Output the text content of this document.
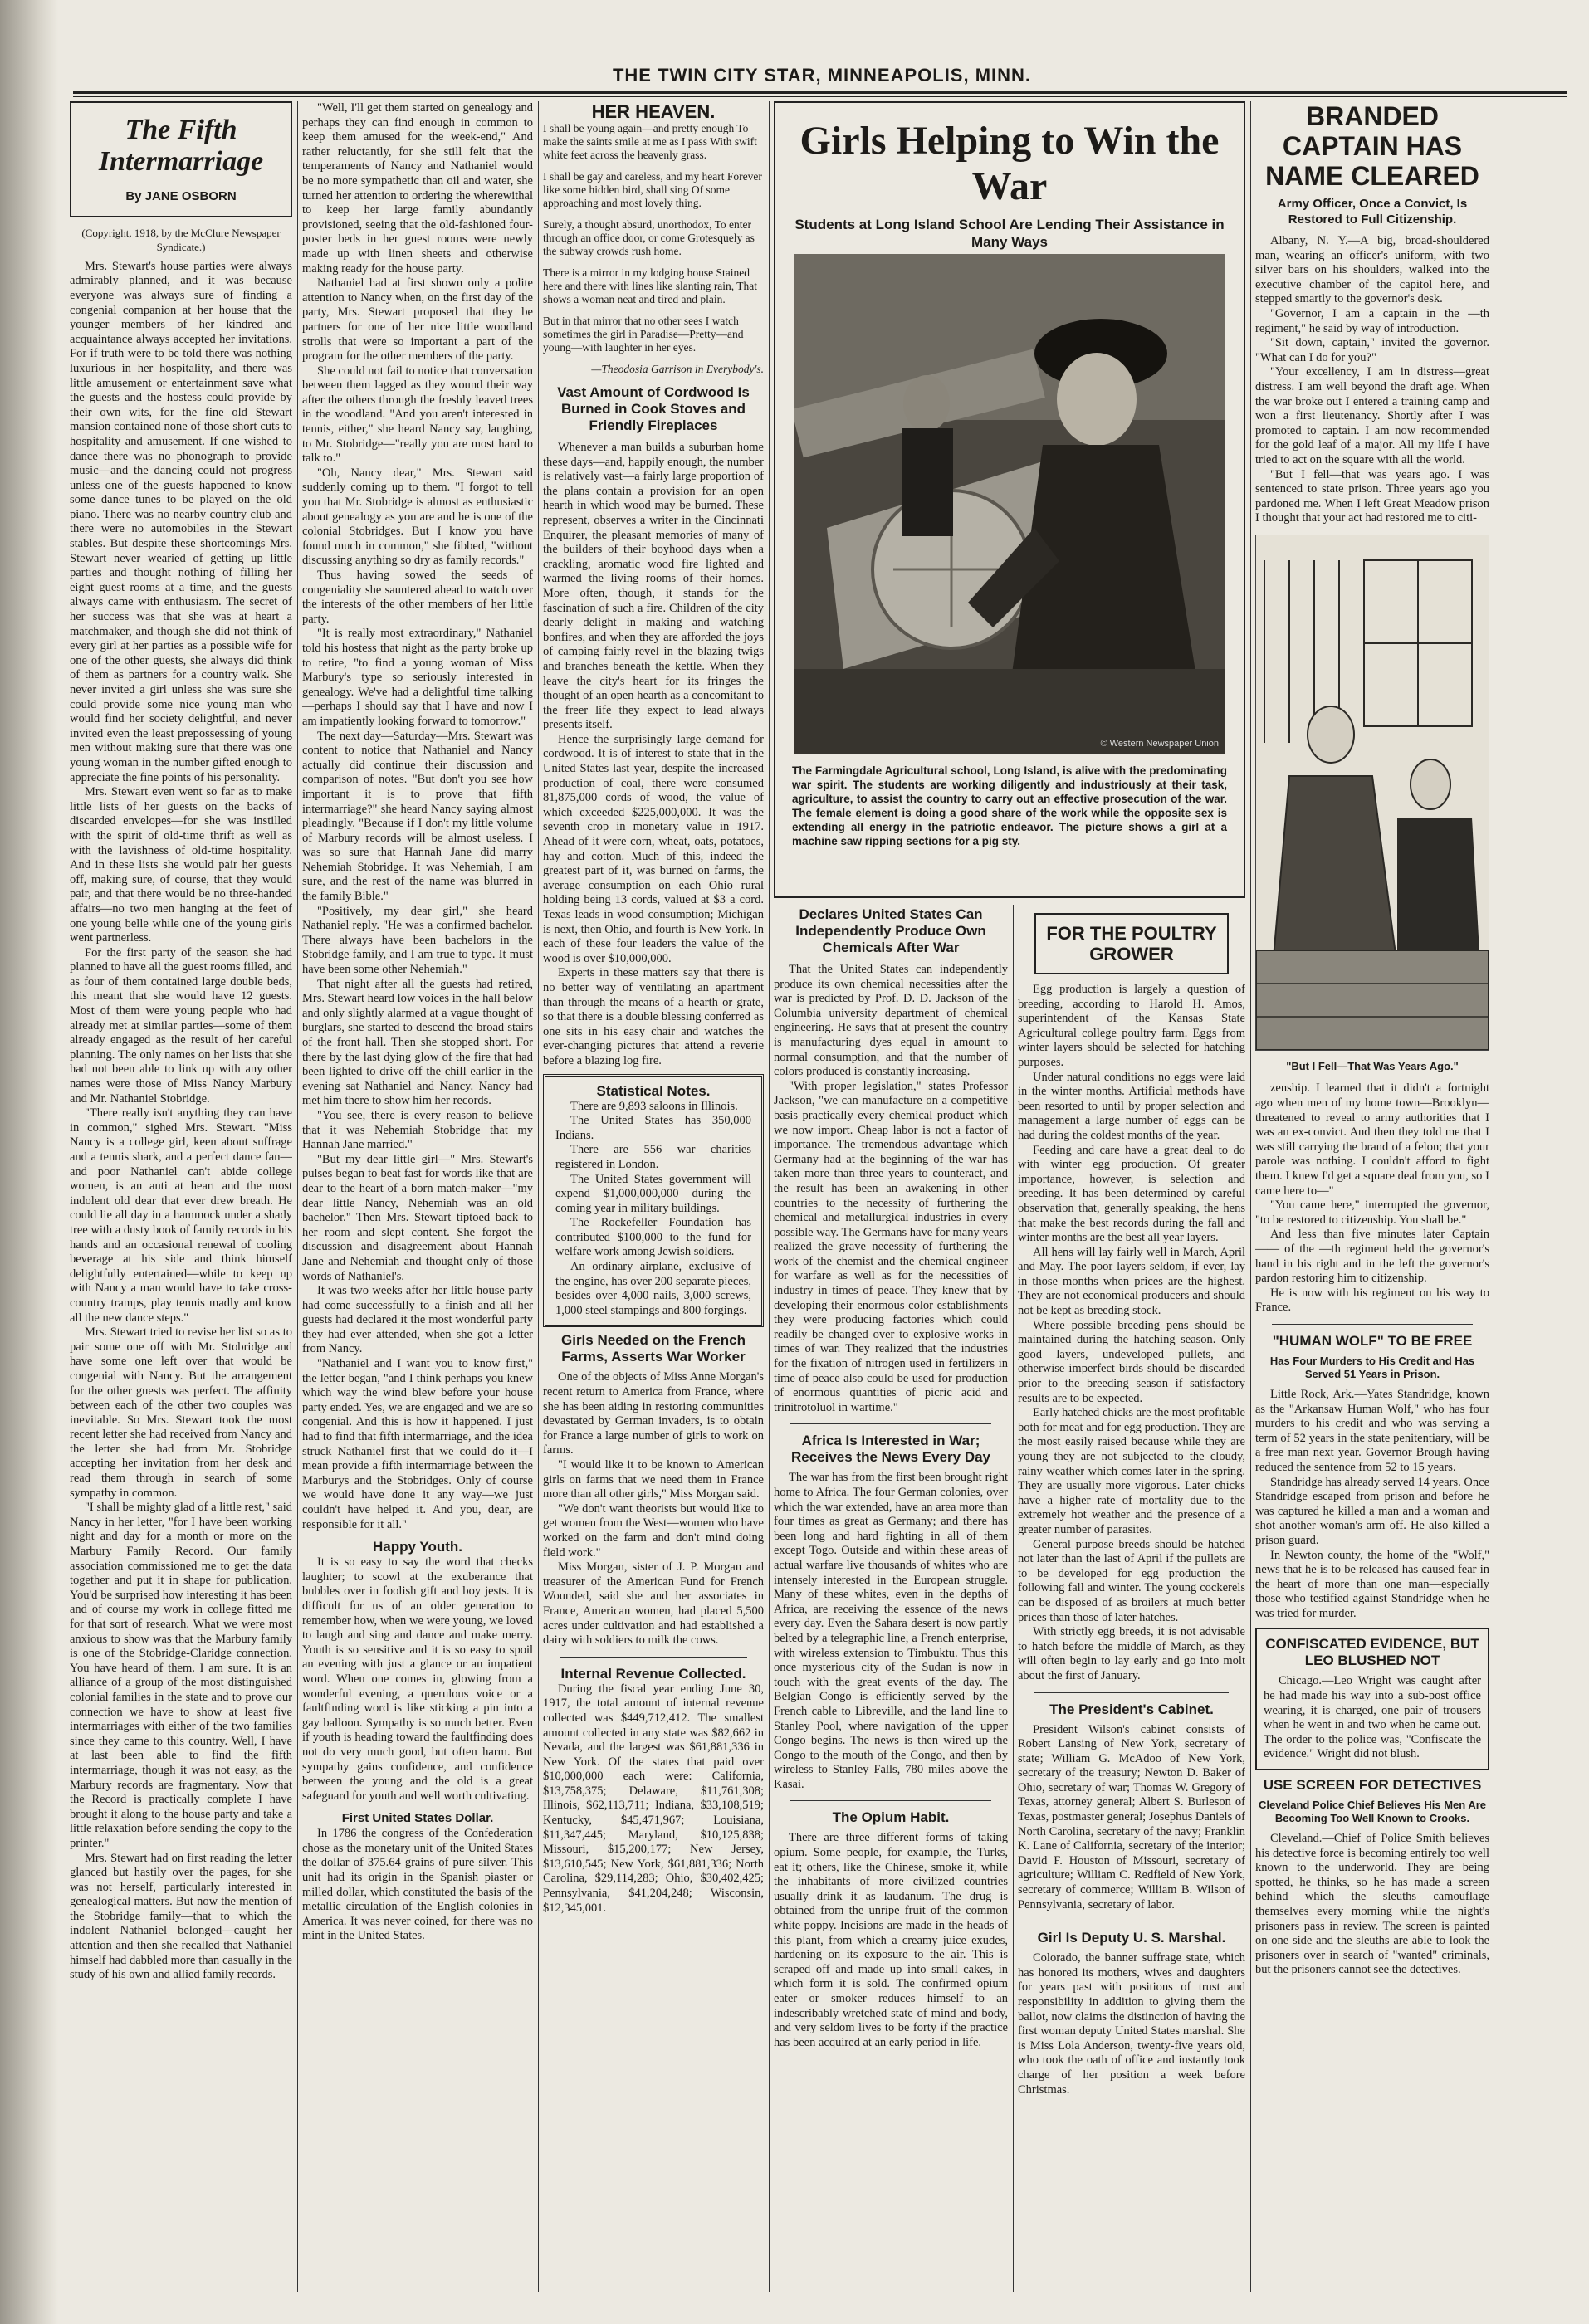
THE TWIN CITY STAR, MINNEAPOLIS, MINN.
The Fifth
Intermarriage
By JANE OSBORN
(Copyright, 1918, by the McClure Newspaper Syndicate.)

Mrs. Stewart's house parties were always admirably planned, and it was because everyone was always sure of finding a congenial companion at her house that the younger members of her kindred and acquaintance always accepted her invitations. For if truth were to be told there was nothing luxurious in her hospitality, and there was little amusement or entertainment save what the guests and the hostess could provide by their own wits, for the fine old Stewart mansion contained none of those short cuts to hospitality and amusement. If one wished to dance there was no phonograph to provide music—and the dancing could not progress unless one of the guests happened to know some dance tunes to be played on the old piano. There was no nearby country club and there were no automobiles in the Stewart stables. But despite these shortcomings Mrs. Stewart never wearied of getting up little parties and thought nothing of filling her eight guest rooms at a time, and the guests always came with enthusiasm. The secret of her success was that she was at heart a matchmaker, and though she did not think of every girl at her parties as a possible wife for one of the other guests, she always did think of them as partners for a country walk. She never invited a girl unless she was sure she could provide some nice young man who would find her society delightful, and never invited even the least prepossessing of young men without making sure that there was one young woman in the number gifted enough to appreciate the fine points of his personality.

Mrs. Stewart even went so far as to make little lists of her guests on the backs of discarded envelopes—for she was instilled with the spirit of old-time thrift as well as with the lavishness of old-time hospitality. And in these lists she would pair her guests off, making sure, of course, that they would pair, and that there would be no three-handed affairs—no two men hanging at the feet of one young belle while one of the young girls went partnerless.

For the first party of the season she had planned to have all the guest rooms filled, and as four of them contained large double beds, this meant that she would have 12 guests. Most of them were young people who had already met at similar parties—some of them already engaged as the result of her careful planning. The only names on her lists that she had not been able to link up with any other names were those of Miss Nancy Marbury and Mr. Nathaniel Stobridge.

"There really isn't anything they can have in common," sighed Mrs. Stewart. "Miss Nancy is a college girl, keen about suffrage and a tennis shark, and a perfect dance fan—and poor Nathaniel can't abide college women, is an anti at heart and the most indolent old dear that ever drew breath. He could lie all day in a hammock under a shady tree with a dusty book of family records in his hands and an occasional renewal of cooling beverage at his side and think himself delightfully entertained—while to keep up with Nancy a man would have to take cross-country tramps, play tennis madly and know all the new dance steps."

Mrs. Stewart tried to revise her list so as to pair some one off with Mr. Stobridge and have some one left over that would be congenial with Nancy. But the arrangement for the other guests was perfect. The affinity between each of the other two couples was inevitable. So Mrs. Stewart took the most recent letter she had received from Nancy and the letter she had from Mr. Stobridge accepting her invitation from her desk and read them through in search of some sympathy in common.

"I shall be mighty glad of a little rest," said Nancy in her letter, "for I have been working night and day for a month or more on the Marbury Family Record. Our family association commissioned me to get the data together and put it in shape for publication. You'd be surprised how interesting it has been and of course my work in college fitted me for that sort of research. What we were most anxious to show was that the Marbury family is one of the Stobridge-Claridge connection. You have heard of them. I am sure. It is an alliance of a group of the most distinguished colonial families in the state and to prove our connection we have to show at least five intermarriages with either of the two families since they came to this country. Well, I have at last been able to find the fifth intermarriage, though it was not easy, as the Marbury records are fragmentary. Now that the Record is practically complete I have brought it along to the house party and take a little relaxation before sending the copy to the printer."

Mrs. Stewart had on first reading the letter glanced but hastily over the pages, for she was not herself, particularly interested in genealogical matters. But now the mention of the Stobridge family—that to which the indolent Nathaniel belonged—caught her attention and then she recalled that Nathaniel himself had dabbled more than casually in the study of his own and allied family records.

"Well, I'll get them started on genealogy and perhaps they can find enough in common to keep them amused for the week-end," And rather reluctantly, for she still felt that the temperaments of Nancy and Nathaniel would be no more sympathetic than oil and water, she turned her attention to ordering the wherewithal to keep her large family abundantly provisioned, seeing that the old-fashioned four-poster beds in her guest rooms were newly made up with linen sheets and otherwise making ready for the house party.

Nathaniel had at first shown only a polite attention to Nancy when, on the first day of the party, Mrs. Stewart proposed that they be partners for one of her nice little woodland strolls that were so important a part of the program for the other members of the party.

She could not fail to notice that conversation between them lagged as they wound their way after the others through the freshly leaved trees in the woodland. "And you aren't interested in tennis, either," she heard Nancy say, laughing, to Mr. Stobridge—"really you are most hard to talk to."

"Oh, Nancy dear," Mrs. Stewart said suddenly coming up to them. "I forgot to tell you that Mr. Stobridge is almost as enthusiastic about genealogy as you are and he is one of the colonial Stobridges. But I know you have found much in common," she fibbed, "without discussing anything so dry as family records."

Thus having sowed the seeds of congeniality she sauntered ahead to watch over the interests of the other members of her little party.

"It is really most extraordinary," Nathaniel told his hostess that night as the party broke up to retire, "to find a young woman of Miss Marbury's type so seriously interested in genealogy. We've had a delightful time talking—perhaps I should say that I have and now I am impatiently looking forward to tomorrow."

The next day—Saturday—Mrs. Stewart was content to notice that Nathaniel and Nancy actually did continue their discussion and comparison of notes. "But don't you see how important it is to prove that fifth intermarriage?" she heard Nancy saying almost pleadingly. "Because if I don't my little volume of Marbury records will be almost useless. I was so sure that Hannah Jane did marry Nehemiah Stobridge. It was Nehemiah, I am sure, and the rest of the name was blurred in the family Bible."

"Positively, my dear girl," she heard Nathaniel reply. "He was a confirmed bachelor. There always have been bachelors in the Stobridge family, and I am true to type. It must have been some other Nehemiah."

That night after all the guests had retired, Mrs. Stewart heard low voices in the hall below and only slightly alarmed at a vague thought of burglars, she started to descend the broad stairs of the front hall. Then she stopped short. For there by the last dying glow of the fire that had been lighted to drive off the chill earlier in the evening sat Nathaniel and Nancy. Nancy had met him there to show him her records.

"You see, there is every reason to believe that it was Nehemiah Stobridge that my Hannah Jane married."

"But my dear little girl—" Mrs. Stewart's pulses began to beat fast for words like that are dear to the heart of a born match-maker—"my dear little Nancy, Nehemiah was an old bachelor." Then Mrs. Stewart tiptoed back to her room and slept content. She forgot the discussion and disagreement about Hannah Jane and Nehemiah and thought only of those words of Nathaniel's.

It was two weeks after her little house party had come successfully to a finish and all her guests had declared it the most wonderful party they had ever attended, when she got a letter from Nancy.

"Nathaniel and I want you to know first," the letter began, "and I think perhaps you knew which way the wind blew before your house party ended. Yes, we are engaged and we are so congenial. And this is how it happened. I just had to find that fifth intermarriage, and the idea struck Nathaniel first that we could do it—I mean provide a fifth intermarriage between the Marburys and the Stobridges. Only of course we would have done it any way—we just couldn't have helped it. And you, dear, are responsible for it all."

Happy Youth.

It is so easy to say the word that checks laughter; to scowl at the exuberance that bubbles over in foolish gift and boy jests. It is difficult for us of an older generation to remember how, when we were young, we loved to laugh and sing and dance and make merry. Youth is so sensitive and it is so easy to spoil an evening with just a glance or an impatient word. When one comes in, glowing from a wonderful evening, a querulous voice or a faultfinding word is like sticking a pin into a gay balloon. Sympathy is so much better. Even if youth is heading toward the faultfinding does not do very much good, but often harm. But sympathy gains confidence, and confidence between the young and the old is a great safeguard for youth and well worth cultivating.

First United States Dollar.

In 1786 the congress of the Confederation chose as the monetary unit of the United States the dollar of 375.64 grains of pure silver. This unit had its origin in the Spanish piaster or milled dollar, which constituted the basis of the metallic circulation of the English colonies in America. It was never coined, for there was no mint in the United States.

HER HEAVEN.

I shall be young again—and pretty enough To make the saints smile at me as I pass With swift white feet across the heavenly grass.

I shall be gay and careless, and my heart Forever like some hidden bird, shall sing Of some approaching and most lovely thing.

Surely, a thought absurd, unorthodox, To enter through an office door, or come Grotesquely as the subway crowds rush home.

There is a mirror in my lodging house Stained here and there with lines like slanting rain, That shows a woman neat and tired and plain.

But in that mirror that no other sees I watch sometimes the girl in Paradise—Pretty—and young—with laughter in her eyes.

—Theodosia Garrison in Everybody's.

Vast Amount of Cordwood Is Burned in Cook Stoves and Friendly Fireplaces

Whenever a man builds a suburban home these days—and, happily enough, the number is relatively vast—a fairly large proportion of the plans contain a provision for an open hearth in which wood may be burned. These represent, observes a writer in the Cincinnati Enquirer, the pleasant memories of many of the builders of their boyhood days when a crackling, aromatic wood fire lighted and warmed the living rooms of their homes. More often, though, it stands for the fascination of such a fire. Children of the city dearly delight in making and watching bonfires, and when they are afforded the joys of camping fairly revel in the blazing twigs and branches beneath the kettle. When they leave the city's heart for its fringes the thought of an open hearth as a concomitant to the freer life they expect to lead always presents itself.

Hence the surprisingly large demand for cordwood. It is of interest to state that in the United States last year, despite the increased production of coal, there were consumed 81,875,000 cords of wood, the value of which exceeded $225,000,000. It was the seventh crop in monetary value in 1917. Ahead of it were corn, wheat, oats, potatoes, hay and cotton. Much of this, indeed the greatest part of it, was burned on farms, the average consumption on each Ohio rural holding being 13 cords, valued at $3 a cord. Texas leads in wood consumption; Michigan is next, then Ohio, and fourth is New York. In each of these four leaders the value of the wood is over $10,000,000.

Experts in these matters say that there is no better way of ventilating an apartment than through the means of a hearth or grate, so that there is a double blessing conferred as one sits in his easy chair and watches the ever-changing pictures that attend a reverie before a blazing log fire.

Statistical Notes.

There are 9,893 saloons in Illinois.

The United States has 350,000 Indians.

There are 556 war charities registered in London.

The United States government will expend $1,000,000,000 during the coming year in military buildings.

The Rockefeller Foundation has contributed $100,000 to the fund for welfare work among Jewish soldiers.

An ordinary airplane, exclusive of the engine, has over 200 separate pieces, besides over 4,000 nails, 3,000 screws, 1,000 steel stampings and 800 forgings.

Girls Needed on the French Farms, Asserts War Worker

One of the objects of Miss Anne Morgan's recent return to America from France, where she has been aiding in restoring communities devastated by German invaders, is to obtain for France a large number of girls to work on farms.

"I would like it to be known to American girls on farms that we need them in France more than all other girls," Miss Morgan said.

"We don't want theorists but would like to get women from the West—women who have worked on the farm and don't mind doing field work."

Miss Morgan, sister of J. P. Morgan and treasurer of the American Fund for French Wounded, said she and her associates in France, American women, had placed 5,500 acres under cultivation and had established a dairy with soldiers to milk the cows.

Internal Revenue Collected.

During the fiscal year ending June 30, 1917, the total amount of internal revenue collected was $449,712,412. The smallest amount collected in any state was $82,662 in Nevada, and the largest was $61,881,336 in New York. Of the states that paid over $10,000,000 each were: California, $13,758,375; Delaware, $11,761,308; Illinois, $62,113,711; Indiana, $33,108,519; Kentucky, $45,471,967; Louisiana, $11,347,445; Maryland, $10,125,838; Missouri, $15,200,177; New Jersey, $13,610,545; New York, $61,881,336; North Carolina, $29,114,283; Ohio, $30,402,425; Pennsylvania, $41,204,248; Wisconsin, $12,345,001.

Girls Helping to Win the War
Students at Long Island School Are Lending Their Assistance in Many Ways
© Western Newspaper Union
The Farmingdale Agricultural school, Long Island, is alive with the predominating war spirit. The students are working diligently and industriously at their task, agriculture, to assist the country to carry out an effective prosecution of the war. The female element is doing a good share of the work while the opposite sex is extending all energy in the patriotic endeavor. The picture shows a girl at a machine saw ripping sections for a pig sty.
Declares United States Can Independently Produce Own Chemicals After War

That the United States can independently produce its own chemical necessities after the war is predicted by Prof. D. D. Jackson of the Columbia university department of chemical engineering. He says that at present the country is manufacturing dyes equal in amount to normal consumption, and that the number of colors produced is constantly increasing.

"With proper legislation," states Professor Jackson, "we can manufacture on a competitive basis practically every chemical product which we now import. Cheap labor is not a factor of importance. The tremendous advantage which Germany had at the beginning of the war has taken more than three years to counteract, and the result has been an awakening in other countries to the necessity of furthering the chemical and metallurgical industries in every possible way. The Germans have for many years realized the grave necessity of furthering the work of the chemist and the chemical engineer for warfare as well as for the necessities of industry in times of peace. They knew that by developing their enormous color establishments they were producing factories which could readily be changed over to explosive works in times of war. They realized that the industries for the fixation of nitrogen used in fertilizers in time of peace also could be used for production of enormous quantities of picric acid and trinitrotoluol in wartime."

Africa Is Interested in War; Receives the News Every Day

The war has from the first been brought right home to Africa. The four German colonies, over which the war extended, have an area more than four times as great as Germany; and there has been long and hard fighting in all of them except Togo. Outside and within these areas of actual warfare live thousands of whites who are intensely interested in the European struggle. Many of these whites, even in the depths of Africa, are receiving the essence of the news every day. Even the Sahara desert is now partly belted by a telegraphic line, a French enterprise, with wireless extension to Timbuktu. Thus this once mysterious city of the Sudan is now in touch with the great events of the day. The Belgian Congo is efficiently served by the French cable to Libreville, and the land line to Stanley Pool, where navigation of the upper Congo begins. The news is then wired up the Congo to the mouth of the Congo, and then by wireless to Stanley Falls, 780 miles above the Kasai.

The Opium Habit.

There are three different forms of taking opium. Some people, for example, the Turks, eat it; others, like the Chinese, smoke it, while the inhabitants of more civilized countries usually drink it as laudanum. The drug is obtained from the unripe fruit of the common white poppy. Incisions are made in the heads of this plant, from which a creamy juice exudes, hardening on its exposure to the air. This is scraped off and made up into small cakes, in which form it is sold. The confirmed opium eater or smoker reduces himself to an indescribably wretched state of mind and body, and very seldom lives to be forty if the practice has been acquired at an early period in life.

FOR THE POULTRY GROWER

Egg production is largely a question of breeding, according to Harold H. Amos, superintendent of the Kansas State Agricultural college poultry farm. Eggs from winter layers should be selected for hatching purposes.

Under natural conditions no eggs were laid in the winter months. Artificial methods have been resorted to until by proper selection and management a large number of eggs can be had during the coldest months of the year.

Feeding and care have a great deal to do with winter egg production. Of greater importance, however, is selection and breeding. It has been determined by careful observation that, generally speaking, the hens that make the best records during the fall and winter months are the best all year layers.

All hens will lay fairly well in March, April and May. The poor layers seldom, if ever, lay in those months when prices are the highest. They are not economical producers and should not be kept as breeding stock.

Where possible breeding pens should be maintained during the hatching season. Only good layers, undeveloped pullets, and otherwise imperfect birds should be discarded prior to the breeding season if satisfactory results are to be expected.

Early hatched chicks are the most profitable both for meat and for egg production. They are the most easily raised because while they are young they are not subjected to the cloudy, rainy weather which comes later in the spring. They are usually more vigorous. Later chicks have a higher rate of mortality due to the extremely hot weather and the presence of a greater number of parasites.

General purpose breeds should be hatched not later than the last of April if the pullets are to be developed for egg production the following fall and winter. The young cockerels can be disposed of as broilers at much better prices than those of later hatches.

With strictly egg breeds, it is not advisable to hatch before the middle of March, as they will often begin to lay early and go into molt about the first of January.

The President's Cabinet.

President Wilson's cabinet consists of Robert Lansing of New York, secretary of state; William G. McAdoo of New York, secretary of the treasury; Newton D. Baker of Ohio, secretary of war; Thomas W. Gregory of Texas, attorney general; Albert S. Burleson of Texas, postmaster general; Josephus Daniels of North Carolina, secretary of the navy; Franklin K. Lane of California, secretary of the interior; David F. Houston of Missouri, secretary of agriculture; William C. Redfield of New York, secretary of commerce; William B. Wilson of Pennsylvania, secretary of labor.

Girl Is Deputy U. S. Marshal.

Colorado, the banner suffrage state, which has honored its mothers, wives and daughters for years past with positions of trust and responsibility in addition to giving them the ballot, now claims the distinction of having the first woman deputy United States marshal. She is Miss Lola Anderson, twenty-five years old, who took the oath of office and instantly took charge of her position a week before Christmas.

BRANDED CAPTAIN HAS NAME CLEARED
Army Officer, Once a Convict, Is Restored to Full Citizenship.

Albany, N. Y.—A big, broad-shouldered man, wearing an officer's uniform, with two silver bars on his shoulders, walked into the executive chamber of the capitol here, and stepped smartly to the governor's desk.

"Governor, I am a captain in the —th regiment," he said by way of introduction.

"Sit down, captain," invited the governor. "What can I do for you?"

"Your excellency, I am in distress—great distress. I am well beyond the draft age. When the war broke out I entered a training camp and won a first lieutenancy. Shortly after I was promoted to captain. I am now recommended for the gold leaf of a major. All my life I have tried to act on the square with all the world.

"But I fell—that was years ago. I was sentenced to state prison. Three years ago you pardoned me. When I left Great Meadow prison I thought that your act had restored me to citi-

"But I Fell—That Was Years Ago."

zenship. I learned that it didn't a fortnight ago when men of my home town—Brooklyn—threatened to reveal to army authorities that I was an ex-convict. And then they told me that I was still carrying the brand of a felon; that your parole was nothing. I couldn't afford to fight them. I knew I'd get a square deal from you, so I came here to—"

"You came here," interrupted the governor, "to be restored to citizenship. You shall be."

And less than five minutes later Captain —— of the —th regiment held the governor's hand in his right and in the left the governor's pardon restoring him to citizenship.

He is now with his regiment on his way to France.

"HUMAN WOLF" TO BE FREE
Has Four Murders to His Credit and Has Served 51 Years in Prison.

Little Rock, Ark.—Yates Standridge, known as the "Arkansaw Human Wolf," who has four murders to his credit and who was serving a term of 52 years in the state penitentiary, will be a free man next year. Governor Brough having reduced the sentence from 52 to 15 years.

Standridge has already served 14 years. Once Standridge escaped from prison and before he was captured he killed a man and a woman and shot another woman's arm off. He also killed a prison guard.

In Newton county, the home of the "Wolf," news that he is to be released has caused fear in the heart of more than one man—especially those who testified against Standridge when he was tried for murder.

CONFISCATED EVIDENCE, BUT LEO BLUSHED NOT

Chicago.—Leo Wright was caught after he had made his way into a sub-post office wearing, it is charged, one pair of trousers when he went in and two when he came out. The order to the police was, "Confiscate the evidence." Wright did not blush.

USE SCREEN FOR DETECTIVES
Cleveland Police Chief Believes His Men Are Becoming Too Well Known to Crooks.

Cleveland.—Chief of Police Smith believes his detective force is becoming entirely too well known to the underworld. They are being spotted, he thinks, so he has made a screen behind which the sleuths camouflage themselves every morning while the night's prisoners pass in review. The screen is painted on one side and the sleuths are able to look the prisoners over in search of "wanted" criminals, but the prisoners cannot see the detectives.
